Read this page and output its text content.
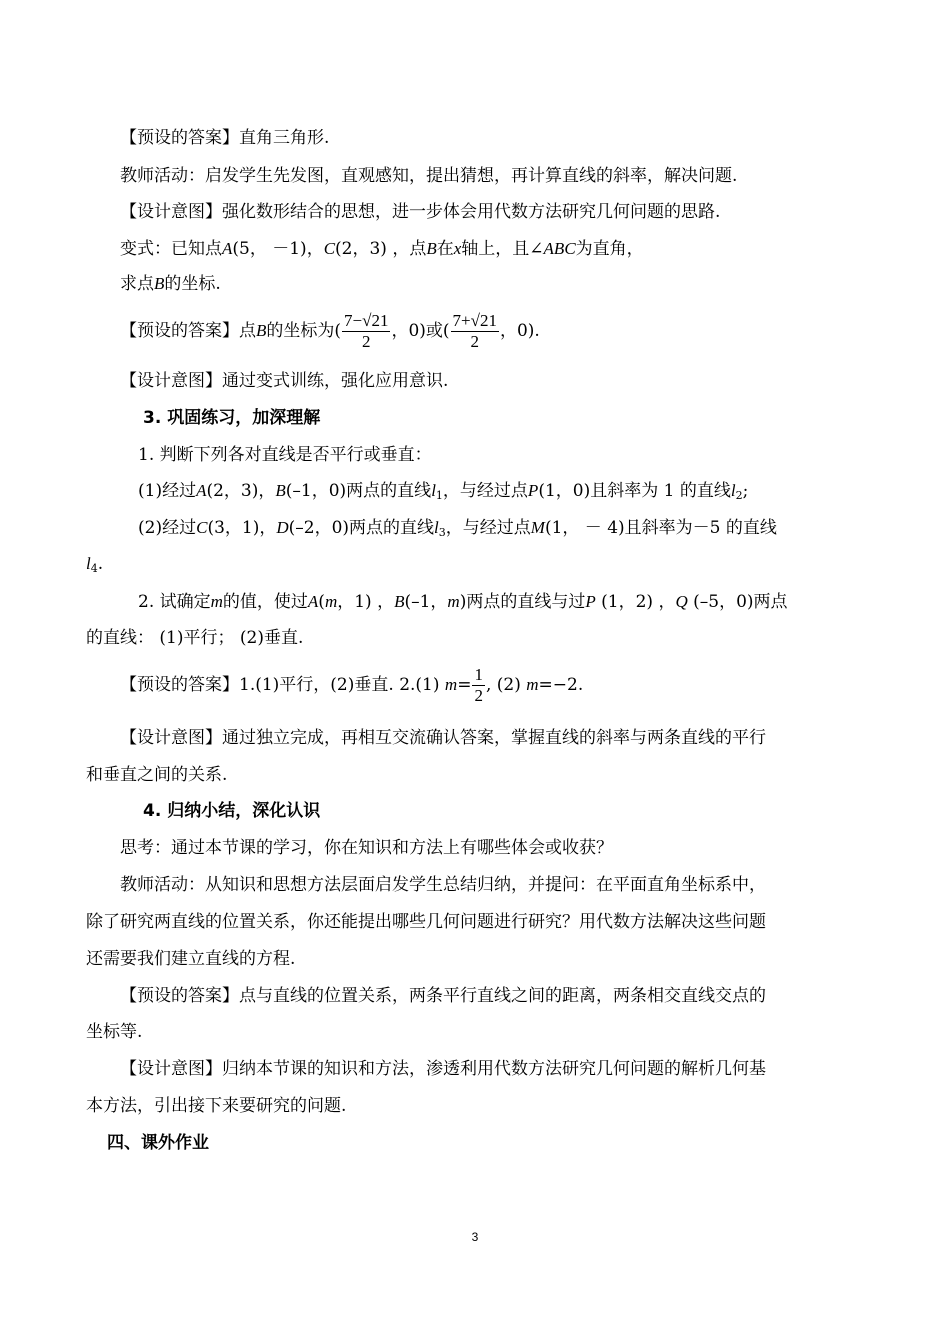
【预设的答案】直角三角形.
教师活动：启发学生先发图，直观感知，提出猜想，再计算直线的斜率，解决问题.
【设计意图】强化数形结合的思想，进一步体会用代数方法研究几何问题的思路.
变式：已知点A(5， －1)，C(2，3) ，点B在x轴上，且∠ABC为直角，
求点B的坐标.
【预设的答案】点B的坐标为( $\frac{7-√21}{2}$ ，0)或( $\frac{7+√21}{2}$ ，0).
【设计意图】通过变式训练，强化应用意识.
3. 巩固练习，加深理解
1. 判断下列各对直线是否平行或垂直：
(1)经过A(2，3)，B(–1，0)两点的直线$l_1$，与经过点P(1，0)且斜率为 1 的直线$l_2$;
(2)经过C(3，1)，D(–2，0)两点的直线$l_3$，与经过点M(1， － 4)且斜率为－5 的直线
$l_4$.
2. 试确定m的值，使过A(m，1) ，B(–1，m)两点的直线与过P (1，2) ，Q (–5，0)两点
的直线： (1)平行； (2)垂直.
【预设的答案】1.(1)平行，(2)垂直. 2.(1) $m= \frac{1}{2}$ , (2) m=−2.
【设计意图】通过独立完成，再相互交流确认答案，掌握直线的斜率与两条直线的平行
和垂直之间的关系.
4. 归纳小结，深化认识
思考：通过本节课的学习，你在知识和方法上有哪些体会或收获？
教师活动：从知识和思想方法层面启发学生总结归纳，并提问：在平面直角坐标系中，
除了研究两直线的位置关系，你还能提出哪些几何问题进行研究？用代数方法解决这些问题
还需要我们建立直线的方程.
【预设的答案】点与直线的位置关系，两条平行直线之间的距离，两条相交直线交点的
坐标等.
【设计意图】归纳本节课的知识和方法，渗透利用代数方法研究几何问题的解析几何基
本方法，引出接下来要研究的问题.
四、课外作业
3
